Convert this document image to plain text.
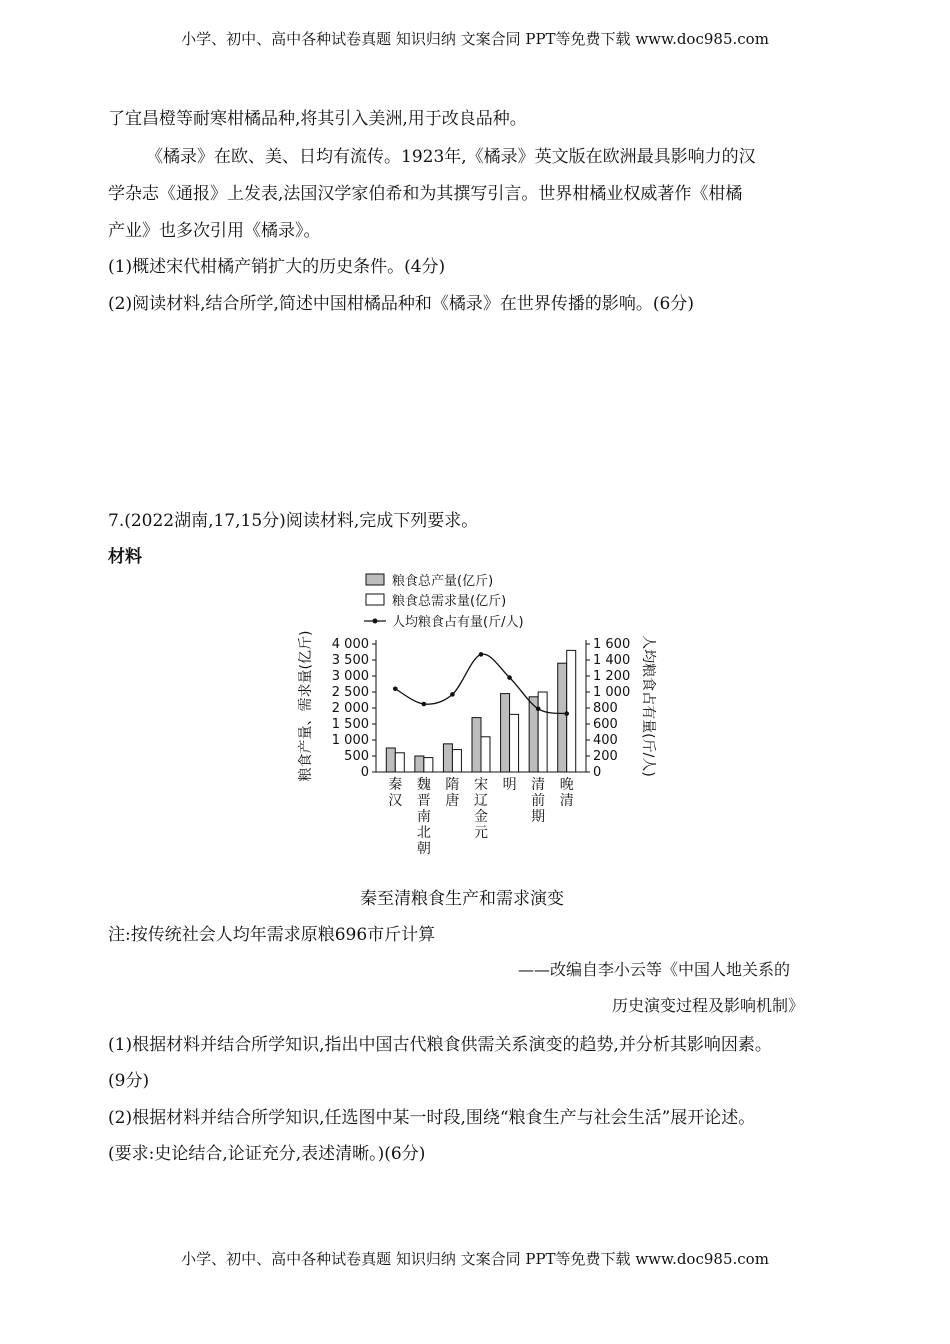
小学、初中、高中各种试卷真题 知识归纳 文案合同 PPT等免费下载 www.doc985.com
了宜昌橙等耐寒柑橘品种,将其引入美洲,用于改良品种。
《橘录》在欧、美、日均有流传。1923年,《橘录》英文版在欧洲最具影响力的汉
学杂志《通报》上发表,法国汉学家伯希和为其撰写引言。世界柑橘业权威著作《柑橘
产业》也多次引用《橘录》。
(1)概述宋代柑橘产销扩大的历史条件。(4分)
(2)阅读材料,结合所学,简述中国柑橘品种和《橘录》在世界传播的影响。(6分)
7.(2022湖南,17,15分)阅读材料,完成下列要求。
材料
粮食总产量(亿斤)
粮食总需求量(亿斤)
人均粮食占有量(斤/人)
0
500
1 000
1 500
2 000
2 500
3 000
3 500
4 000
0
200
400
600
800
1 000
1 200
1 400
1 600
秦
汉
魏
晋
南
北
朝
隋
唐
宋
辽
金
元
明 清
前
期
晚
清
粮食产量、需求量(亿斤)	人均粮食占有量(斤/人)
秦至清粮食生产和需求演变
注:按传统社会人均年需求原粮696市斤计算
——改编自李小云等《中国人地关系的
历史演变过程及影响机制》
(1)根据材料并结合所学知识,指出中国古代粮食供需关系演变的趋势,并分析其影响因素。
(9分)
(2)根据材料并结合所学知识,任选图中某一时段,围绕“粮食生产与社会生活”展开论述。
(要求:史论结合,论证充分,表述清晰。)(6分)
小学、初中、高中各种试卷真题 知识归纳 文案合同 PPT等免费下载 www.doc985.com
